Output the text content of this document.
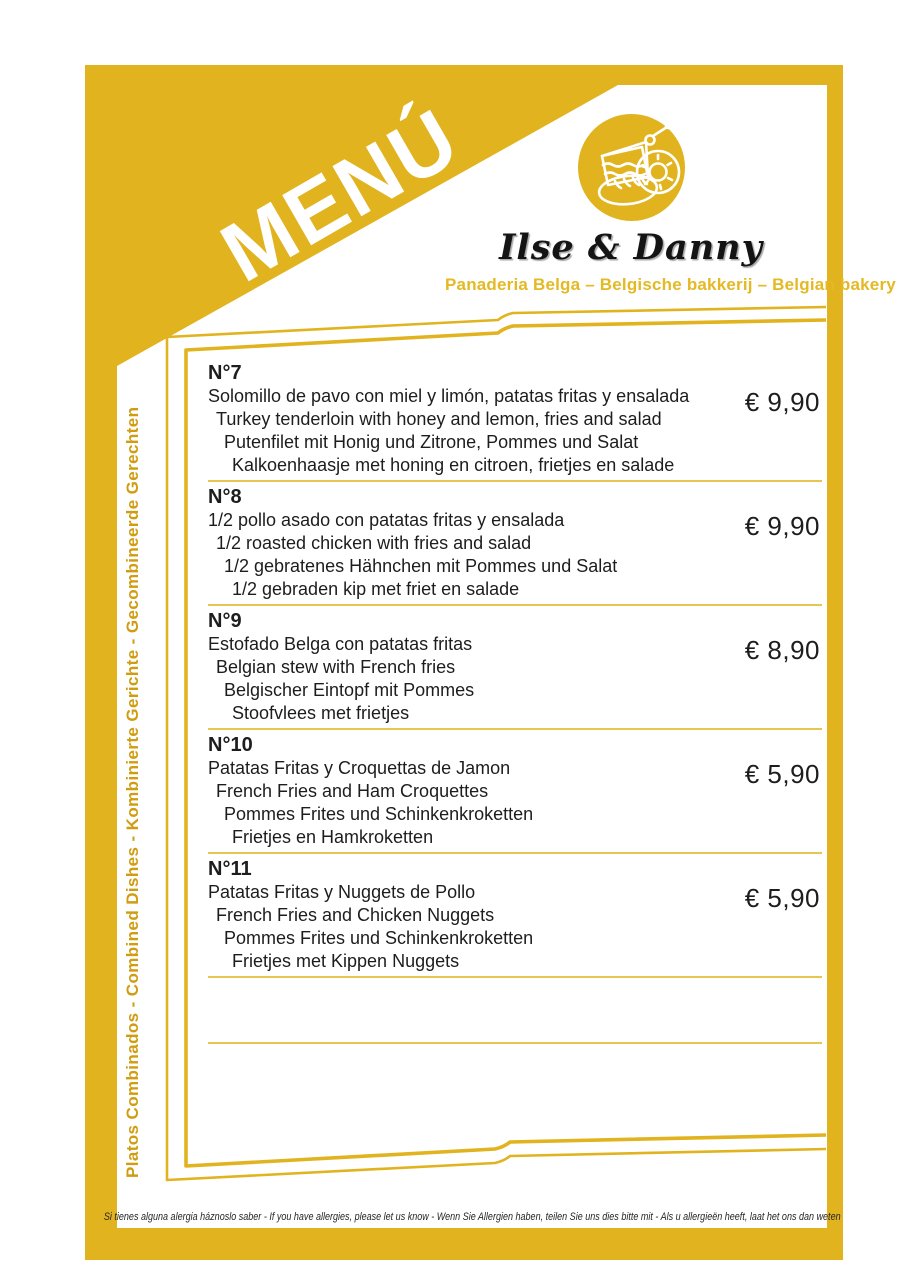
MENÚ Ilse & Danny
Panaderia Belga – Belgische bakkerij – Belgian bakery
Platos Combinados - Combined Dishes - Kombinierte Gerichte - Gecombineerde Gerechten
N°7
Solomillo de pavo con miel y limón, patatas fritas y ensalada
Turkey tenderloin with honey and lemon, fries and salad
Putenfilet mit Honig und Zitrone, Pommes und Salat
Kalkoenhaasje met honing en citroen, frietjes en salade
€ 9,90
N°8
1/2 pollo asado con patatas fritas y ensalada
1/2 roasted chicken with fries and salad
1/2 gebratenes Hähnchen mit Pommes und Salat
1/2 gebraden kip met friet en salade
€ 9,90
N°9
Estofado Belga con patatas fritas
Belgian stew with French fries
Belgischer Eintopf mit Pommes
Stoofvlees met frietjes
€ 8,90
N°10
Patatas Fritas y Croquettas de Jamon
French Fries and Ham Croquettes
Pommes Frites und Schinkenkroketten
Frietjes en Hamkroketten
€ 5,90
N°11
Patatas Fritas y Nuggets de Pollo
French Fries and Chicken Nuggets
Pommes Frites und Schinkenkroketten
Frietjes met Kippen Nuggets
€ 5,90
Si tienes alguna alergia háznoslo saber - If you have allergies, please let us know - Wenn Sie Allergien haben, teilen Sie uns dies bitte mit - Als u allergieën heeft, laat het ons dan weten
